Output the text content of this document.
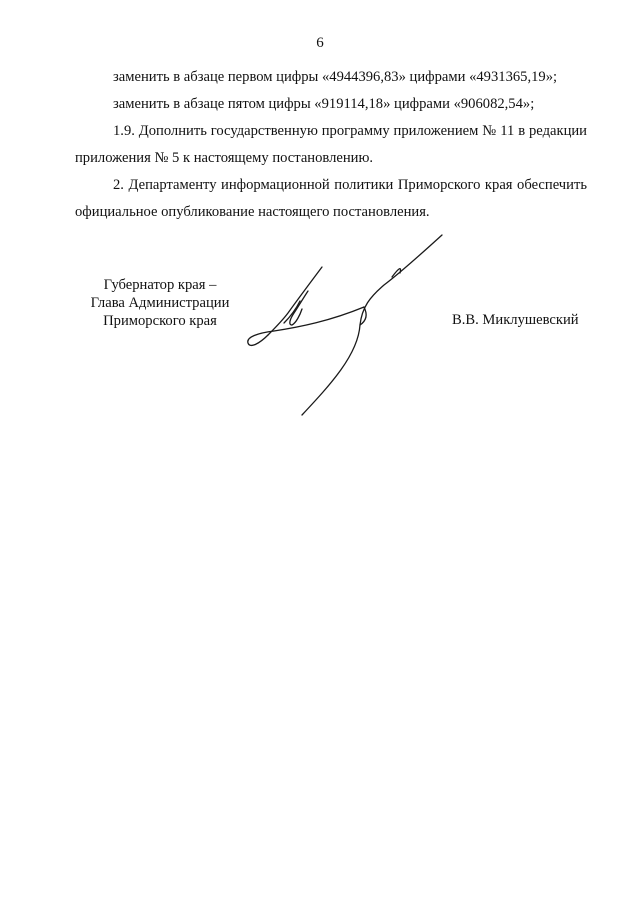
6

заменить в абзаце первом цифры «4944396,83» цифрами «4931365,19»;

заменить в абзаце пятом цифры «919114,18» цифрами «906082,54»;

1.9. Дополнить государственную программу приложением № 11 в редакции приложения № 5 к настоящему постановлению.

2. Департаменту информационной политики Приморского края обеспечить официальное опубликование настоящего постановления.

Губернатор края –
Глава Администрации
Приморского края	В.В. Миклушевский
